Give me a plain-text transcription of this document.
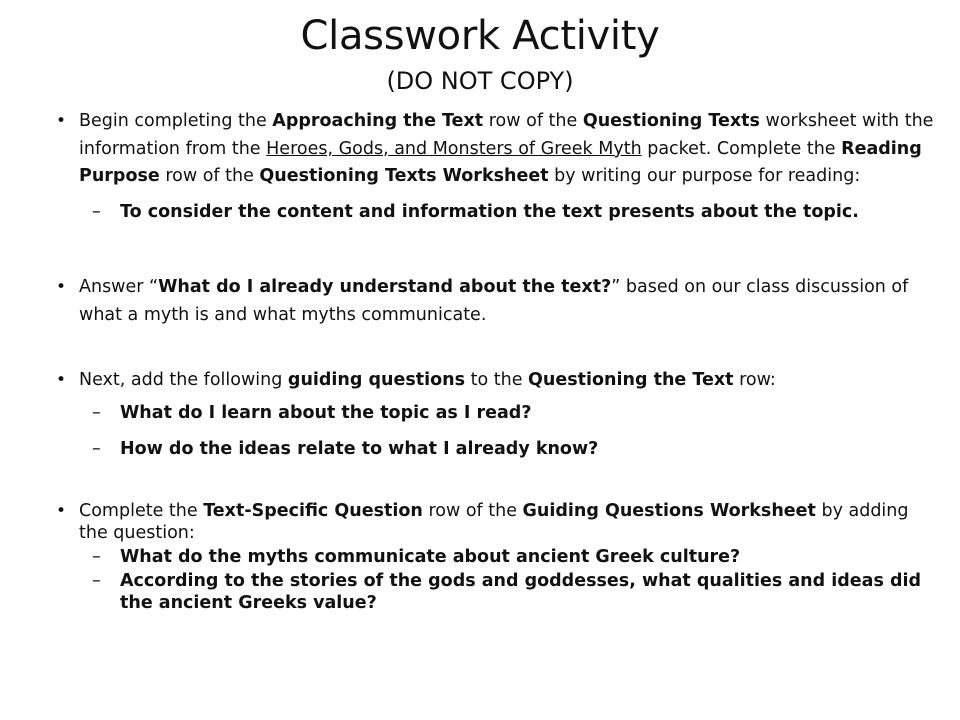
Classwork Activity
(DO NOT COPY)
• Begin completing the Approaching the Text row of the Questioning Texts worksheet with the information from the Heroes, Gods, and Monsters of Greek Myth packet. Complete the Reading Purpose row of the Questioning Texts Worksheet by writing our purpose for reading:
– To consider the content and information the text presents about the topic.
• Answer “What do I already understand about the text?” based on our class discussion of what a myth is and what myths communicate.
• Next, add the following guiding questions to the Questioning the Text row:
– What do I learn about the topic as I read?
– How do the ideas relate to what I already know?
• Complete the Text-Specific Question row of the Guiding Questions Worksheet by adding the question:
– What do the myths communicate about ancient Greek culture?
– According to the stories of the gods and goddesses, what qualities and ideas did the ancient Greeks value?
